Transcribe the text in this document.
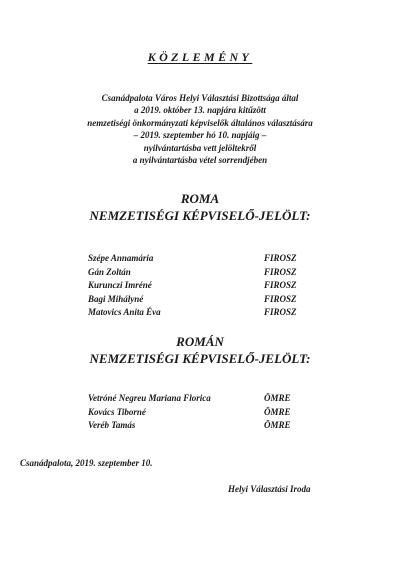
KÖZLEMÉNY
Csanádpalota Város Helyi Választási Bizottsága által
a 2019. október 13. napjára kitűzött
nemzetiségi önkormányzati képviselők általános választására
– 2019. szeptember hó 10. napjáig –
nyilvántartásba vett jelöltekről
a nyilvántartásba vétel sorrendjében
ROMA
NEMZETISÉGI KÉPVISELŐ-JELÖLT:
Szépe Annamária	FIROSZ
Gán Zoltán	FIROSZ
Kurunczi Imréné	FIROSZ
Bagi Mihályné	FIROSZ
Matovics Anita Éva	FIROSZ
ROMÁN
NEMZETISÉGI KÉPVISELŐ-JELÖLT:
Vetróné Negreu Mariana Florica	ÖMRE
Kovács Tiborné	ÖMRE
Veréb Tamás	ÖMRE
Csanádpalota, 2019. szeptember 10.
Helyi Választási Iroda
